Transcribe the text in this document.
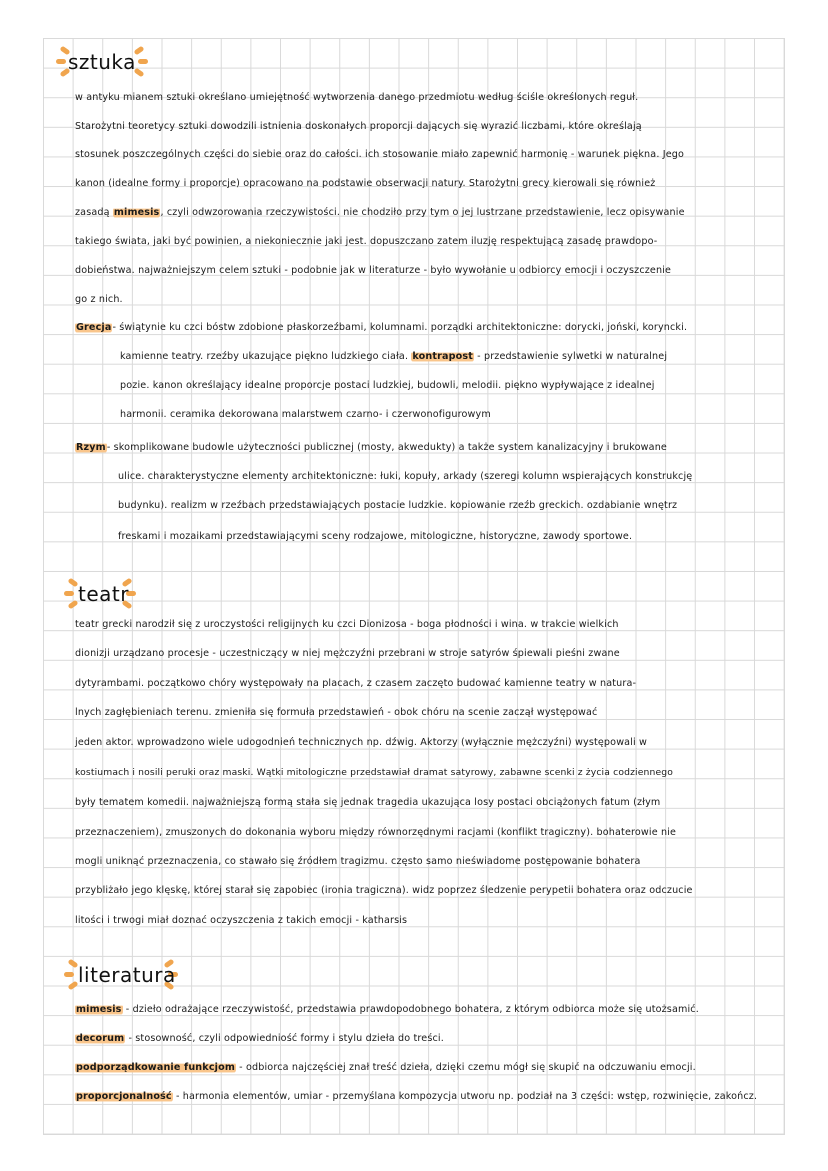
sztuka
w antyku mianem sztuki określano umiejętność wytworzenia danego przedmiotu według ściśle określonych reguł.
Starożytni teoretycy sztuki dowodzili istnienia doskonałych proporcji dających się wyrazić liczbami, które określają
stosunek poszczególnych części do siebie oraz do całości. ich stosowanie miało zapewnić harmonię - warunek piękna. Jego
kanon (idealne formy i proporcje) opracowano na podstawie obserwacji natury. Starożytni grecy kierowali się również
zasadą mimesis, czyli odwzorowania rzeczywistości. nie chodziło przy tym o jej lustrzane przedstawienie, lecz opisywanie
takiego świata, jaki być powinien, a niekoniecznie jaki jest. dopuszczano zatem iluzję respektującą zasadę prawdopo-
dobieństwa. najważniejszym celem sztuki - podobnie jak w literaturze - było wywołanie u odbiorcy emocji i oczyszczenie
go z nich.
Grecja- świątynie ku czci bóstw zdobione płaskorzeźbami, kolumnami. porządki architektoniczne: dorycki, joński, koryncki.
kamienne teatry. rzeźby ukazujące piękno ludzkiego ciała. kontrapost - przedstawienie sylwetki w naturalnej
pozie. kanon określający idealne proporcje postaci ludzkiej, budowli, melodii. piękno wypływające z idealnej
harmonii. ceramika dekorowana malarstwem czarno- i czerwonofigurowym
Rzym- skomplikowane budowle użyteczności publicznej (mosty, akwedukty) a także system kanalizacyjny i brukowane
ulice. charakterystyczne elementy architektoniczne: łuki, kopuły, arkady (szeregi kolumn wspierających konstrukcję
budynku). realizm w rzeźbach przedstawiających postacie ludzkie. kopiowanie rzeźb greckich. ozdabianie wnętrz
freskami i mozaikami przedstawiającymi sceny rodzajowe, mitologiczne, historyczne, zawody sportowe.
teatr
teatr grecki narodził się z uroczystości religijnych ku czci Dionizosa - boga płodności i wina. w trakcie wielkich
dionizji urządzano procesje - uczestniczący w niej mężczyźni przebrani w stroje satyrów śpiewali pieśni zwane
dytyrambami. początkowo chóry występowały na placach, z czasem zaczęto budować kamienne teatry w natura-
lnych zagłębieniach terenu. zmieniła się formuła przedstawień - obok chóru na scenie zaczął występować
jeden aktor. wprowadzono wiele udogodnień technicznych np. dźwig. Aktorzy (wyłącznie mężczyźni) występowali w
kostiumach i nosili peruki oraz maski. Wątki mitologiczne przedstawiał dramat satyrowy, zabawne scenki z życia codziennego
były tematem komedii. najważniejszą formą stała się jednak tragedia ukazująca losy postaci obciążonych fatum (złym
przeznaczeniem), zmuszonych do dokonania wyboru między równorzędnymi racjami (konflikt tragiczny). bohaterowie nie
mogli uniknąć przeznaczenia, co stawało się źródłem tragizmu. często samo nieświadome postępowanie bohatera
przybliżało jego klęskę, której starał się zapobiec (ironia tragiczna). widz poprzez śledzenie perypetii bohatera oraz odczucie
litości i trwogi miał doznać oczyszczenia z takich emocji - katharsis
literatura
mimesis - dzieło odrażające rzeczywistość, przedstawia prawdopodobnego bohatera, z którym odbiorca może się utożsamić.
decorum - stosowność, czyli odpowiedniość formy i stylu dzieła do treści.
podporządkowanie funkcjom - odbiorca najczęściej znał treść dzieła, dzięki czemu mógł się skupić na odczuwaniu emocji.
proporcjonalność - harmonia elementów, umiar - przemyślana kompozycja utworu np. podział na 3 części: wstęp, rozwinięcie, zakończ.
